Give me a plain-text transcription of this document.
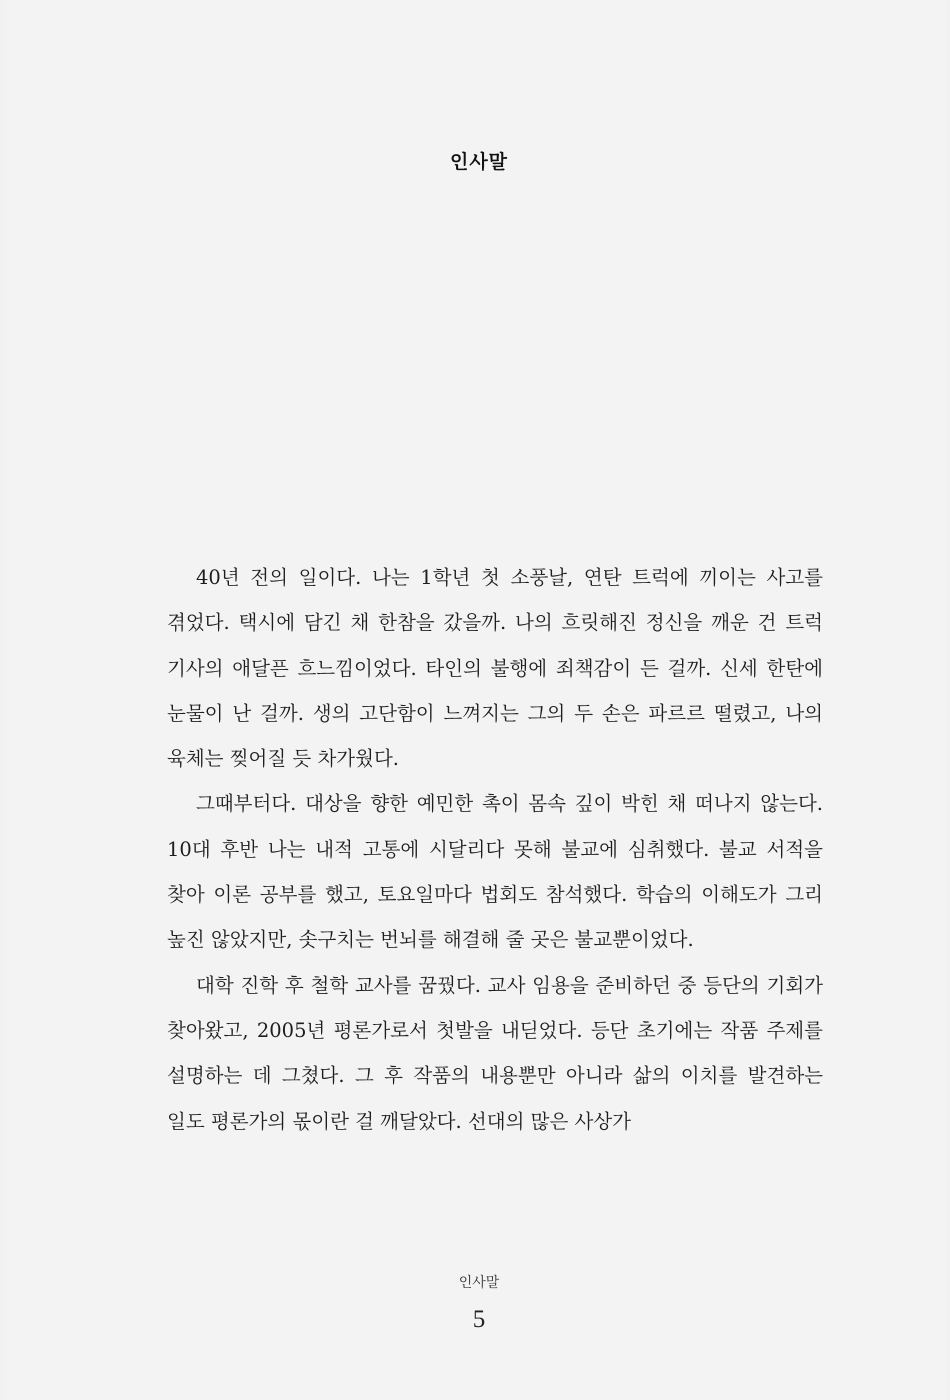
인사말

40년 전의 일이다. 나는 1학년 첫 소풍날, 연탄 트럭에 끼이는 사고를 겪었다. 택시에 담긴 채 한참을 갔을까. 나의 흐릿해진 정신을 깨운 건 트럭 기사의 애달픈 흐느낌이었다. 타인의 불행에 죄책감이 든 걸까. 신세 한탄에 눈물이 난 걸까. 생의 고단함이 느껴지는 그의 두 손은 파르르 떨렸고, 나의 육체는 찢어질 듯 차가웠다.

그때부터다. 대상을 향한 예민한 촉이 몸속 깊이 박힌 채 떠나지 않는다. 10대 후반 나는 내적 고통에 시달리다 못해 불교에 심취했다. 불교 서적을 찾아 이론 공부를 했고, 토요일마다 법회도 참석했다. 학습의 이해도가 그리 높진 않았지만, 솟구치는 번뇌를 해결해 줄 곳은 불교뿐이었다.

대학 진학 후 철학 교사를 꿈꿨다. 교사 임용을 준비하던 중 등단의 기회가 찾아왔고, 2005년 평론가로서 첫발을 내딛었다. 등단 초기에는 작품 주제를 설명하는 데 그쳤다. 그 후 작품의 내용뿐만 아니라 삶의 이치를 발견하는 일도 평론가의 몫이란 걸 깨달았다. 선대의 많은 사상가

인사말
5
